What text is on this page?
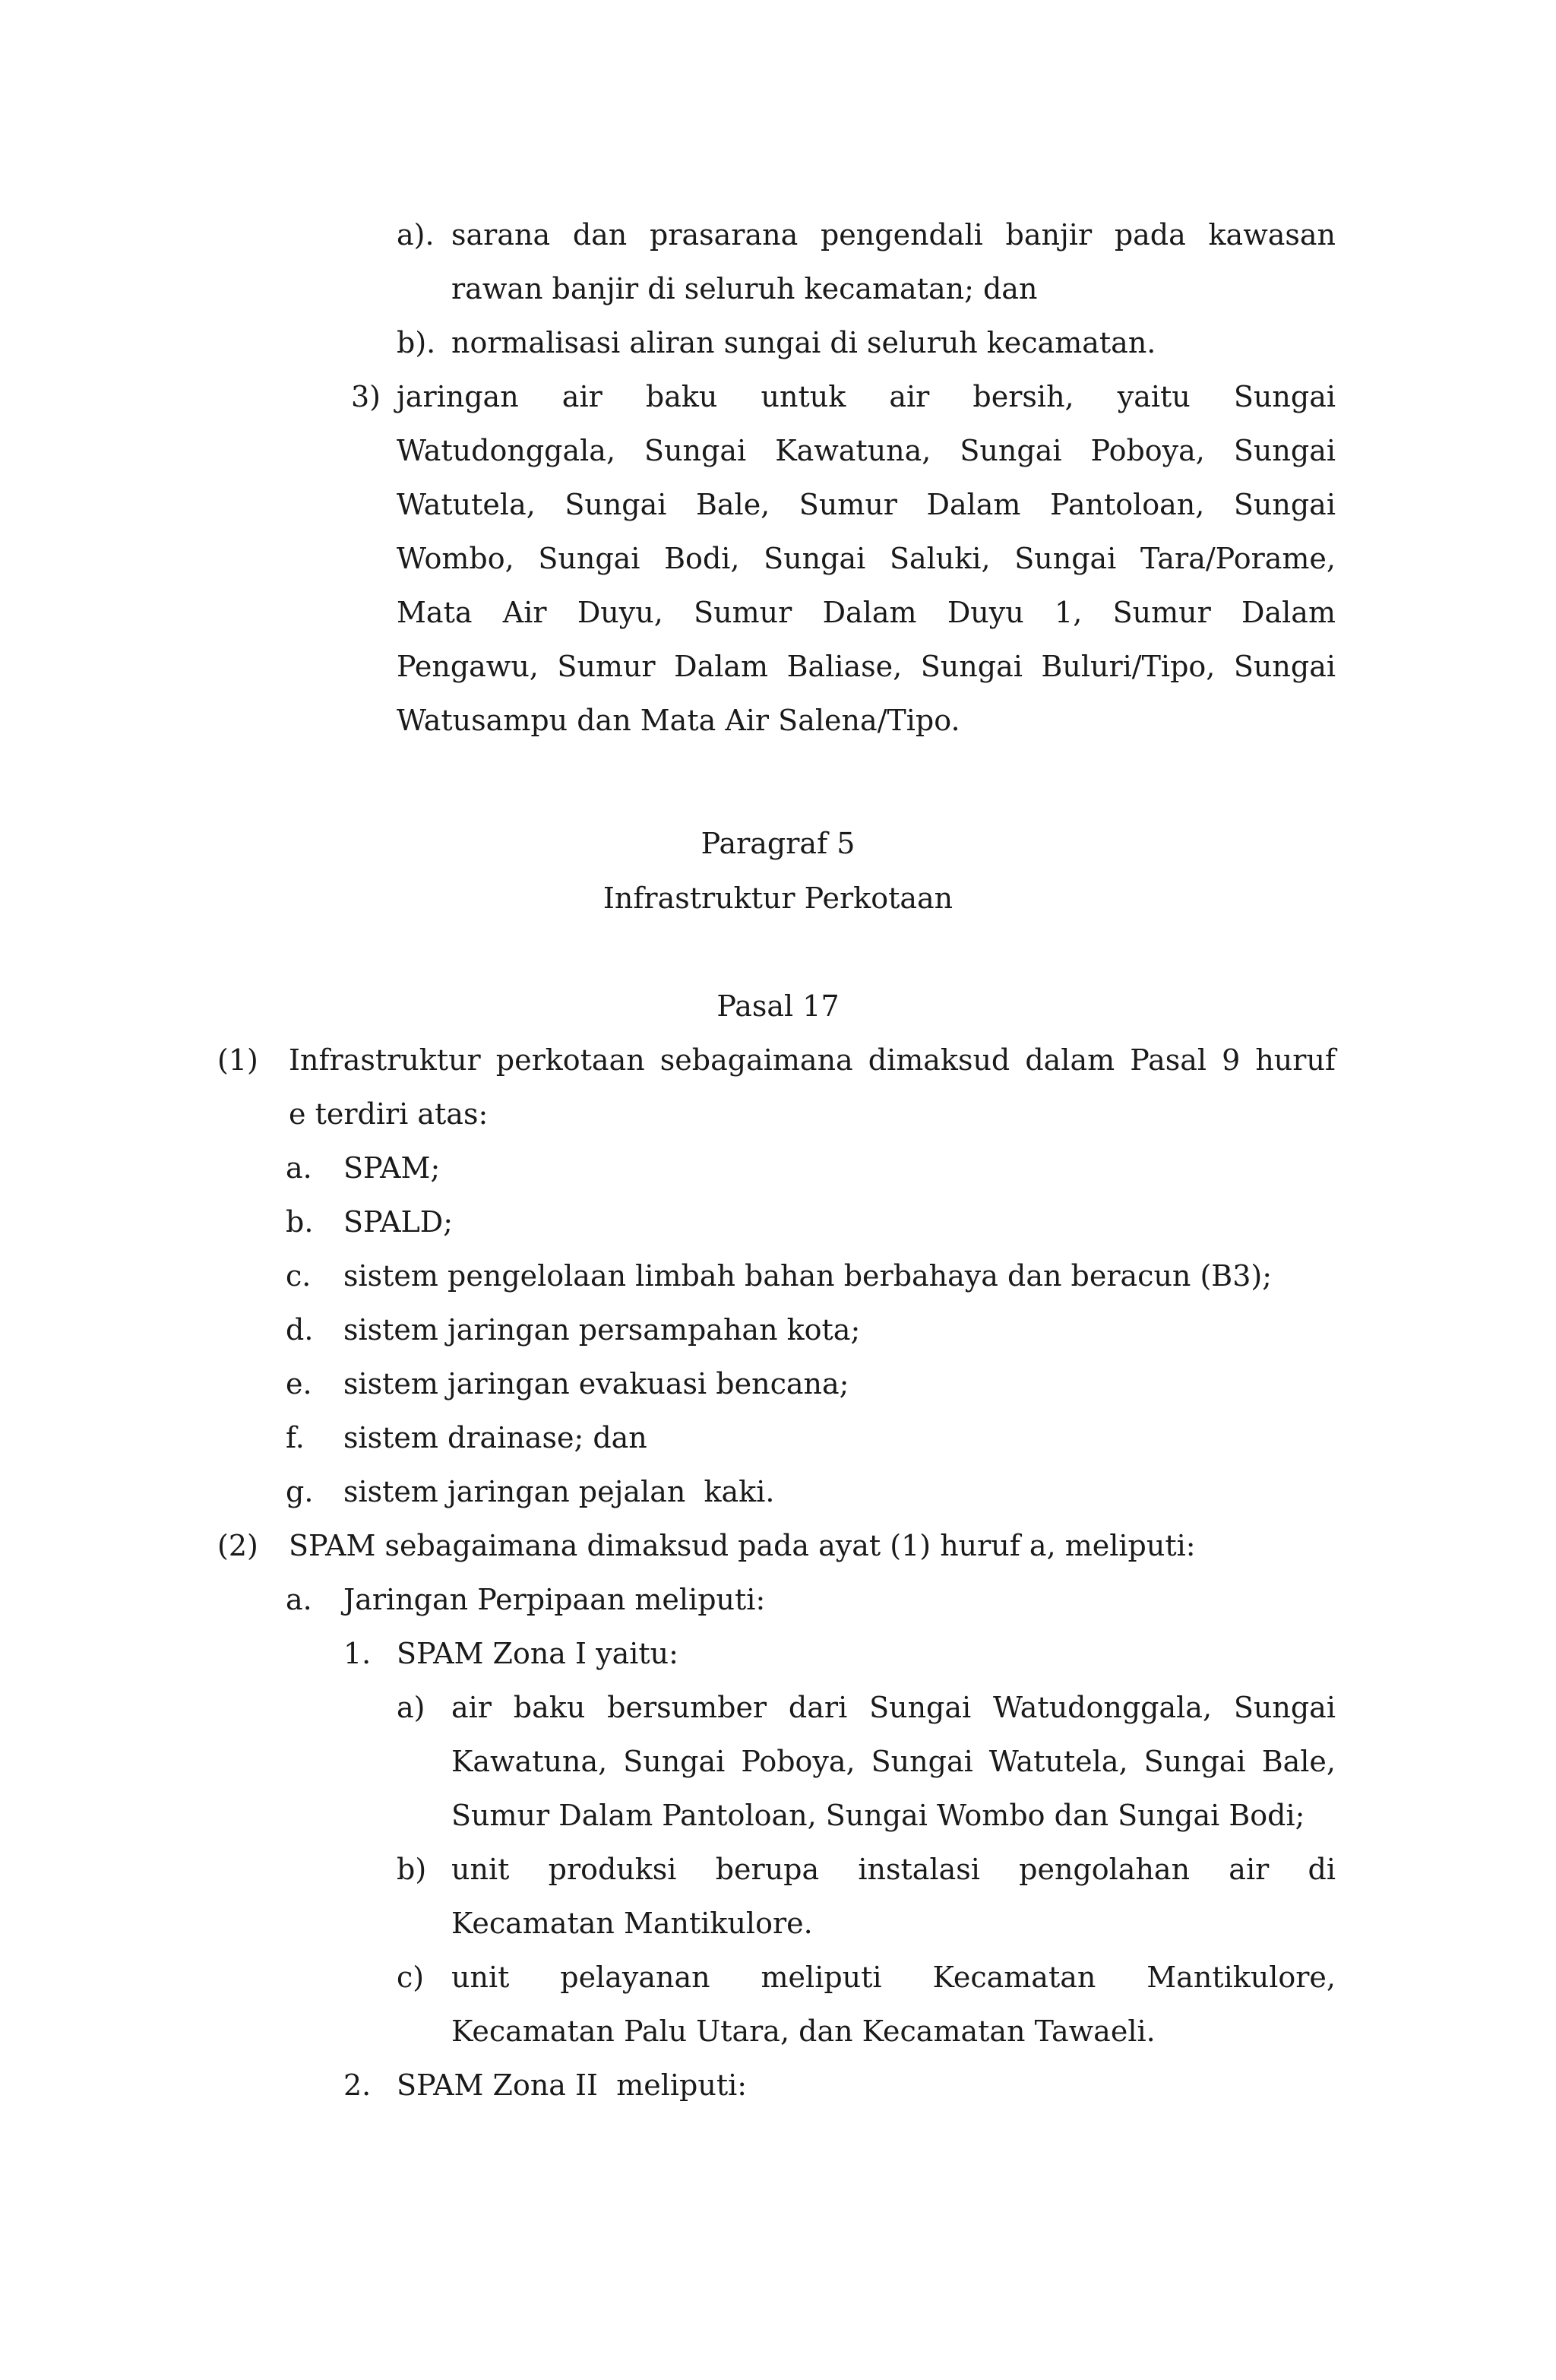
a). sarana dan prasarana pengendali banjir pada kawasan

rawan banjir di seluruh kecamatan; dan

b). normalisasi aliran sungai di seluruh kecamatan.

3) jaringan air baku untuk air bersih, yaitu Sungai

Watudonggala, Sungai Kawatuna, Sungai Poboya, Sungai

Watutela, Sungai Bale, Sumur Dalam Pantoloan, Sungai

Wombo, Sungai Bodi, Sungai Saluki, Sungai Tara/Porame,

Mata Air Duyu, Sumur Dalam Duyu 1, Sumur Dalam

Pengawu, Sumur Dalam Baliase, Sungai Buluri/Tipo, Sungai

Watusampu dan Mata Air Salena/Tipo.

Paragraf 5

Infrastruktur Perkotaan

Pasal 17

(1) Infrastruktur perkotaan sebagaimana dimaksud dalam Pasal 9 huruf

e terdiri atas:

a. SPAM;

b. SPALD;

c. sistem pengelolaan limbah bahan berbahaya dan beracun (B3);

d. sistem jaringan persampahan kota;

e. sistem jaringan evakuasi bencana;

f. sistem drainase; dan

g. sistem jaringan pejalan  kaki.

(2) SPAM sebagaimana dimaksud pada ayat (1) huruf a, meliputi:

a. Jaringan Perpipaan meliputi:

1. SPAM Zona I yaitu:

a) air baku bersumber dari Sungai Watudonggala, Sungai

Kawatuna, Sungai Poboya, Sungai Watutela, Sungai Bale,

Sumur Dalam Pantoloan, Sungai Wombo dan Sungai Bodi;

b) unit produksi berupa instalasi pengolahan air di

Kecamatan Mantikulore.

c) unit pelayanan meliputi Kecamatan Mantikulore,

Kecamatan Palu Utara, dan Kecamatan Tawaeli.

2. SPAM Zona II  meliputi:
